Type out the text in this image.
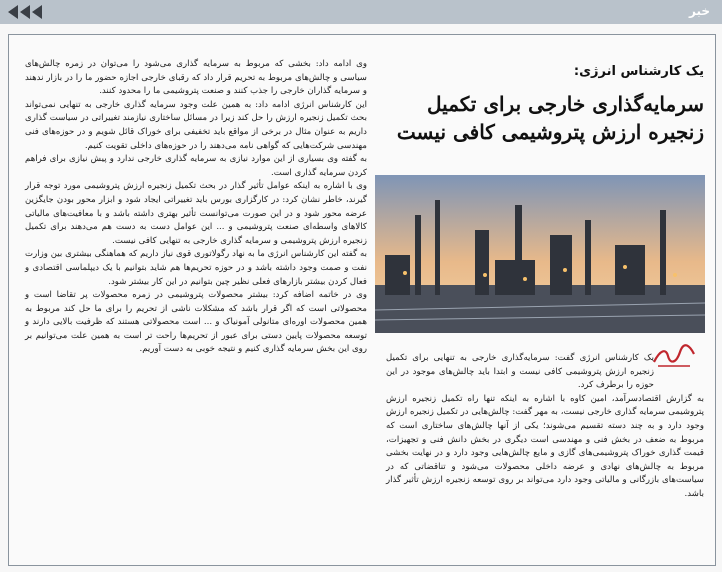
خبر
یک کارشناس انرژی:
سرمایه‌گذاری خارجی برای تکمیل زنجیره ارزش پتروشیمی کافی نیست

یک کارشناس انرژی گفت: سرمایه‌گذاری خارجی به تنهایی برای تکمیل زنجیره ارزش پتروشیمی کافی نیست و ابتدا باید چالش‌های موجود در این حوزه را برطرف کرد.

به گزارش اقتصادسرآمد، امین کاوه با اشاره به اینکه تنها راه تکمیل زنجیره ارزش پتروشیمی سرمایه گذاری خارجی نیست، به مهر گفت: چالش‌هایی در تکمیل زنجیره ارزش وجود دارد و به چند دسته تقسیم می‌شوند؛ یکی از آنها چالش‌های ساختاری است که مربوط به ضعف در بخش فنی و مهندسی است دیگری در بخش دانش فنی و تجهیزات، قیمت گذاری خوراک پتروشیمی‌های گازی و مایع چالش‌هایی وجود دارد و در نهایت بخشی مربوط به چالش‌های نهادی و عرضه داخلی محصولات می‌شود و تناقضاتی که در سیاست‌های بازرگانی و مالیاتی وجود دارد می‌تواند بر روی توسعه زنجیره ارزش تأثیر گذار باشد.

وی ادامه داد: بخشی که مربوط به سرمایه گذاری می‌شود را می‌توان در زمره چالش‌های سیاسی و چالش‌های مربوط به تحریم قرار داد که رقبای خارجی اجازه حضور ما را در بازار ندهند و سرمایه گذاران خارجی را جذب کنند و صنعت پتروشیمی ما را محدود کنند.

این کارشناس انرژی ادامه داد: به همین علت وجود سرمایه گذاری خارجی به تنهایی نمی‌تواند بحث تکمیل زنجیره ارزش را حل کند زیرا در مسائل ساختاری نیازمند تغییراتی در سیاست گذاری داریم به عنوان مثال در برخی از مواقع باید تخفیفی برای خوراک قائل شویم و در حوزه‌های فنی مهندسی شرکت‌هایی که گواهی نامه می‌دهند را در حوزه‌های داخلی تقویت کنیم.

به گفته وی بسیاری از این موارد نیازی به سرمایه گذاری خارجی ندارد و پیش نیازی برای فراهم کردن سرمایه گذاری است.

وی با اشاره به اینکه عوامل تأثیر گذار در بحث تکمیل زنجیره ارزش پتروشیمی مورد توجه قرار گیرند، خاطر نشان کرد: در کارگزاری بورس باید تغییراتی ایجاد شود و ابزار محور بودن جایگزین عرضه محور شود و در این صورت می‌توانست تأثیر بهتری داشته باشد و با معافیت‌های مالیاتی کالاهای واسطه‌ای صنعت پتروشیمی و ... این عوامل دست به دست هم می‌دهند برای تکمیل زنجیره ارزش پتروشیمی و سرمایه گذاری خارجی به تنهایی کافی نیست.

به گفته این کارشناس انرژی ما به نهاد رگولاتوری قوی نیاز داریم که هماهنگی بیشتری بین وزارت نفت و صمت وجود داشته باشد و در حوزه تحریم‌ها هم شاید بتوانیم با یک دیپلماسی اقتصادی و فعال کردن بیشتر بازارهای فعلی نظیر چین بتوانیم در این کار بیشتر شود.

وی در خاتمه اضافه کرد: بیشتر محصولات پتروشیمی در زمره محصولات پر تقاضا است و محصولاتی است که اگر قرار باشد که مشکلات ناشی از تحریم را برای ما حل کند مربوط به همین محصولات اوره‌ای متانولی آمونیاک و ... است محصولاتی هستند که ظرفیت بالایی دارند و توسعه محصولات پایین دستی برای عبور از تحریم‌ها راحت تر است به همین علت می‌توانیم بر روی این بخش سرمایه گذاری کنیم و نتیجه خوبی به دست آوریم.
